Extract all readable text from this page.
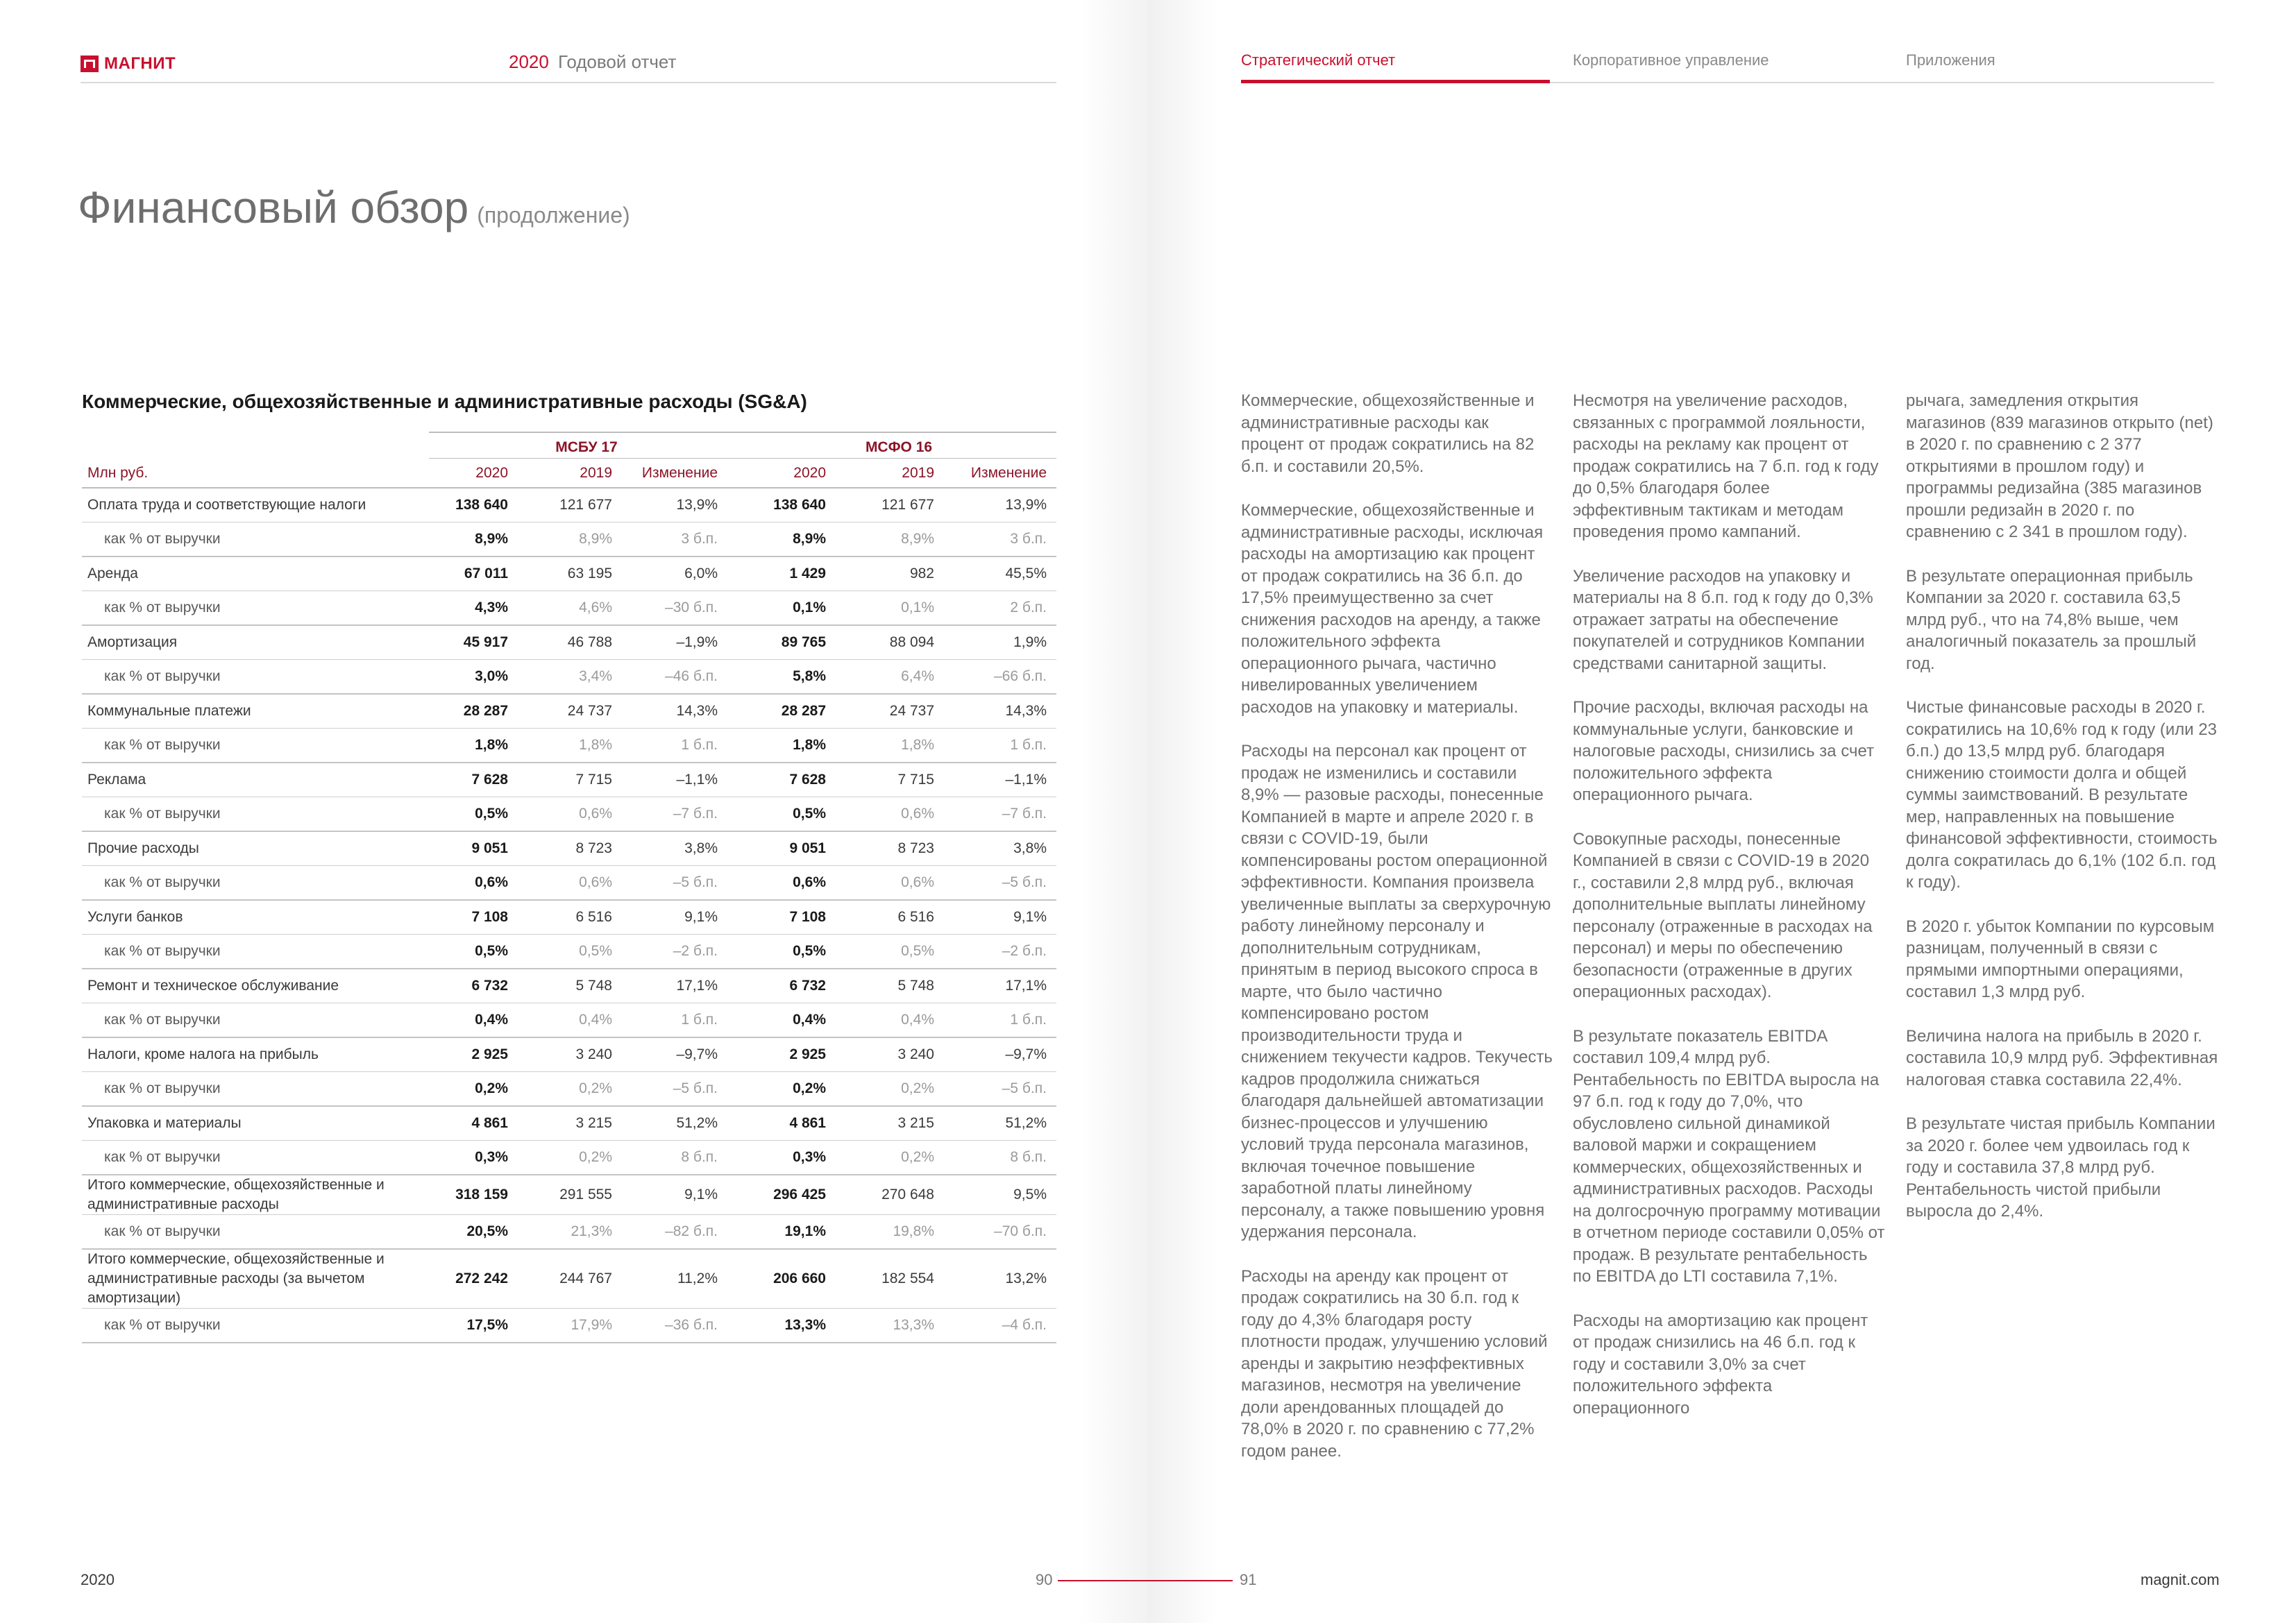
МАГНИТ	2020 Годовой отчет	Стратегический отчет	Корпоративное управление	Приложения
Финансовый обзор (продолжение)
Коммерческие, общехозяйственные и административные расходы (SG&A)
МСБУ 17	МСФО 16
Млн руб.	2020	2019	Изменение	2020	2019	Изменение
Оплата труда и соответствующие налоги	138 640	121 677	13,9%	138 640	121 677	13,9%
как % от выручки	8,9%	8,9%	3 б.п.	8,9%	8,9%	3 б.п.
Аренда	67 011	63 195	6,0%	1 429	982	45,5%
как % от выручки	4,3%	4,6%	–30 б.п.	0,1%	0,1%	2 б.п.
Амортизация	45 917	46 788	–1,9%	89 765	88 094	1,9%
как % от выручки	3,0%	3,4%	–46 б.п.	5,8%	6,4%	–66 б.п.
Коммунальные платежи	28 287	24 737	14,3%	28 287	24 737	14,3%
как % от выручки	1,8%	1,8%	1 б.п.	1,8%	1,8%	1 б.п.
Реклама	7 628	7 715	–1,1%	7 628	7 715	–1,1%
как % от выручки	0,5%	0,6%	–7 б.п.	0,5%	0,6%	–7 б.п.
Прочие расходы	9 051	8 723	3,8%	9 051	8 723	3,8%
как % от выручки	0,6%	0,6%	–5 б.п.	0,6%	0,6%	–5 б.п.
Услуги банков	7 108	6 516	9,1%	7 108	6 516	9,1%
как % от выручки	0,5%	0,5%	–2 б.п.	0,5%	0,5%	–2 б.п.
Ремонт и техническое обслуживание	6 732	5 748	17,1%	6 732	5 748	17,1%
как % от выручки	0,4%	0,4%	1 б.п.	0,4%	0,4%	1 б.п.
Налоги, кроме налога на прибыль	2 925	3 240	–9,7%	2 925	3 240	–9,7%
как % от выручки	0,2%	0,2%	–5 б.п.	0,2%	0,2%	–5 б.п.
Упаковка и материалы	4 861	3 215	51,2%	4 861	3 215	51,2%
как % от выручки	0,3%	0,2%	8 б.п.	0,3%	0,2%	8 б.п.
Итого коммерческие, общехозяйственные и административные расходы	318 159	291 555	9,1%	296 425	270 648	9,5%
как % от выручки	20,5%	21,3%	–82 б.п.	19,1%	19,8%	–70 б.п.
Итого коммерческие, общехозяйственные и административные расходы (за вычетом амортизации)	272 242	244 767	11,2%	206 660	182 554	13,2%
как % от выручки	17,5%	17,9%	–36 б.п.	13,3%	13,3%	–4 б.п.

Коммерческие, общехозяйственные и административные расходы как процент от продаж сократились на 82 б.п. и составили 20,5%.

Коммерческие, общехозяйственные и административные расходы, исключая расходы на амортизацию как процент от продаж сократились на 36 б.п. до 17,5% преимущественно за счет снижения расходов на аренду, а также положительного эффекта операционного рычага, частично нивелированных увеличением расходов на упаковку и материалы.

Расходы на персонал как процент от продаж не изменились и составили 8,9% — разовые расходы, понесенные Компанией в марте и апреле 2020 г. в связи с COVID-19, были компенсированы ростом операционной эффективности. Компания произвела увеличенные выплаты за сверхурочную работу линейному персоналу и дополнительным сотрудникам, принятым в период высокого спроса в марте, что было частично компенсировано ростом производительности труда и снижением текучести кадров. Текучесть кадров продолжила снижаться благодаря дальнейшей автоматизации бизнес-процессов и улучшению условий труда персонала магазинов, включая точечное повышение заработной платы линейному персоналу, а также повышению уровня удержания персонала.

Расходы на аренду как процент от продаж сократились на 30 б.п. год к году до 4,3% благодаря росту плотности продаж, улучшению условий аренды и закрытию неэффективных магазинов, несмотря на увеличение доли арендованных площадей до 78,0% в 2020 г. по сравнению с 77,2% годом ранее.

Несмотря на увеличение расходов, связанных с программой лояльности, расходы на рекламу как процент от продаж сократились на 7 б.п. год к году до 0,5% благодаря более эффективным тактикам и методам проведения промо кампаний.

Увеличение расходов на упаковку и материалы на 8 б.п. год к году до 0,3% отражает затраты на обеспечение покупателей и сотрудников Компании средствами санитарной защиты.

Прочие расходы, включая расходы на коммунальные услуги, банковские и налоговые расходы, снизились за счет положительного эффекта операционного рычага.

Совокупные расходы, понесенные Компанией в связи с COVID-19 в 2020 г., составили 2,8 млрд руб., включая дополнительные выплаты линейному персоналу (отраженные в расходах на персонал) и меры по обеспечению безопасности (отраженные в других операционных расходах).

В результате показатель EBITDA составил 109,4 млрд руб. Рентабельность по EBITDA выросла на 97 б.п. год к году до 7,0%, что обусловлено сильной динамикой валовой маржи и сокращением коммерческих, общехозяйственных и административных расходов. Расходы на долгосрочную программу мотивации в отчетном периоде составили 0,05% от продаж. В результате рентабельность по EBITDA до LTI составила 7,1%.

Расходы на амортизацию как процент от продаж снизились на 46 б.п. год к году и составили 3,0% за счет положительного эффекта операционного

рычага, замедления открытия магазинов (839 магазинов открыто (net) в 2020 г. по сравнению с 2 377 открытиями в прошлом году) и программы редизайна (385 магазинов прошли редизайн в 2020 г. по сравнению с 2 341 в прошлом году).

В результате операционная прибыль Компании за 2020 г. составила 63,5 млрд руб., что на 74,8% выше, чем аналогичный показатель за прошлый год.

Чистые финансовые расходы в 2020 г. сократились на 10,6% год к году (или 23 б.п.) до 13,5 млрд руб. благодаря снижению стоимости долга и общей суммы заимствований. В результате мер, направленных на повышение финансовой эффективности, стоимость долга сократилась до 6,1% (102 б.п. год к году).

В 2020 г. убыток Компании по курсовым разницам, полученный в связи с прямыми импортными операциями, составил 1,3 млрд руб.

Величина налога на прибыль в 2020 г. составила 10,9 млрд руб. Эффективная налоговая ставка составила 22,4%.

В результате чистая прибыль Компании за 2020 г. более чем удвоилась год к году и составила 37,8 млрд руб. Рентабельность чистой прибыли выросла до 2,4%.

2020	90	91	magnit.com
